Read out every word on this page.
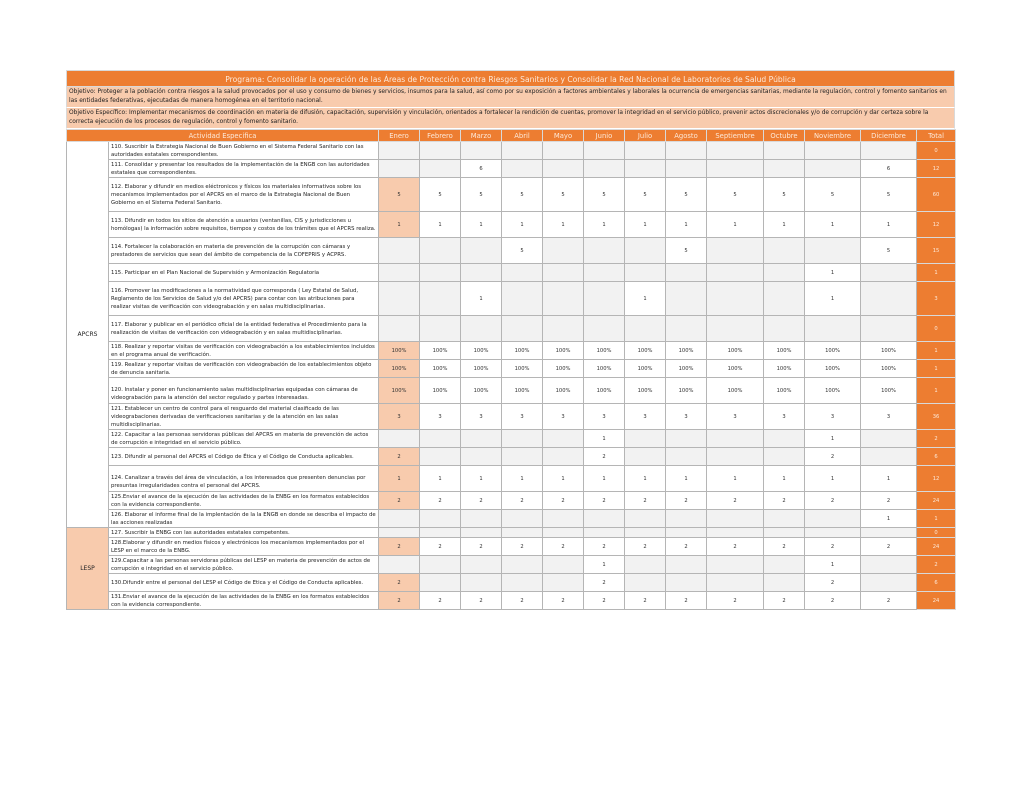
Programa: Consolidar la operación de las Áreas de Protección contra Riesgos Sanitarios y Consolidar la Red Nacional de Laboratorios de Salud Pública
Objetivo: Proteger a la población contra riesgos a la salud provocados por el uso y consumo de bienes y servicios, insumos para la salud, así como por su exposición a factores ambientales y laborales la ocurrencia de emergencias sanitarias, mediante la regulación, control y fomento sanitarios en las entidades federativas, ejecutadas de manera homogénea en el territorio nacional.
Objetivo Específico: Implementar mecanismos de coordinación en materia de difusión, capacitación, supervisión y vinculación, orientados a fortalecer la rendición de cuentas, promover la integridad en el servicio público, prevenir actos discrecionales y/o de corrupción y dar certeza sobre la correcta ejecución de los procesos de regulación, control y fomento sanitario.
Actividad Especifica		Enero	Febrero	Marzo	Abril	Mayo	Junio	Julio	Agosto	Septiembre	Octubre	Noviembre	Diciembre	Total
APCRS	110. Suscribir la Estrategia Nacional de Buen Gobierno en el Sistema Federal Sanitario con las autoridades estatales correspondientes.													0
	111. Consolidar y presentar los resultados de la implementación de la ENGB con las autoridades estatales que correspondientes.			6									6	12
	112. Elaborar y difundir en medios eléctronicos y físicos los materiales informativos sobre los mecanismos implementados por el APCRS en el marco de la Estrategia Nacional de Buen Gobierno en el Sistema Federal Sanitario.	5	5	5	5	5	5	5	5	5	5	5	5	60
	113. Difundir en todos los sitios de atención a usuarios (ventanillas, CIS y jurisdicciones u homólogas) la información sobre requisitos, tiempos y costos de los trámites que el APCRS realiza.	1	1	1	1	1	1	1	1	1	1	1	1	12
	114. Fortalecer la colaboración en materia de prevención de la corrupción con cámaras y prestadores de servicios que sean del ámbito de competencia de la COFEPRIS y ACPRS.				5				5				5	15
	115. Participar en el Plan Nacional de Supervisión y Armonización Regulatoria											1		1
	116. Promover las modificaciones a la normatividad que corresponda ( Ley Estatal de Salud, Reglamento de los Servicios de Salud y/o del APCRS) para contar con las atribuciones para realizar visitas de verificación con videograbación y en salas multidisciplinarias.			1				1				1		3
	117. Elaborar y publicar en el periódico oficial de la entidad federativa el Procedimiento para la realización de visitas de verificación con videograbación y en salas multidisciplinarias.													0
	118. Realizar y reportar visitas de verificación con videograbación a los establecimientos incluidos en el programa anual de verificación.	100%	100%	100%	100%	100%	100%	100%	100%	100%	100%	100%	100%	1
	119. Realizar y reportar visitas de verificación con videograbación de los establecimientos objeto de denuncia sanitaria.	100%	100%	100%	100%	100%	100%	100%	100%	100%	100%	100%	100%	1
	120. Instalar y poner en funcionamiento salas multidisciplinarias equipadas con cámaras de videograbación para la atención del sector regulado y partes interesadas.	100%	100%	100%	100%	100%	100%	100%	100%	100%	100%	100%	100%	1
	121. Establecer un centro de control para el resguardo del material clasificado de las videograbaciones derivadas de verificaciones sanitarias y de la atención en las salas multidisciplinarias.	3	3	3	3	3	3	3	3	3	3	3	3	36
	122. Capacitar a las personas servidoras públicas del APCRS en materia de prevención de actos de corrupción e integridad en el servicio público.						1					1		2
	123. Difundir al personal del APCRS el Código de Ética y el Código de Conducta aplicables.	2					2					2		6
	124. Canalizar a través del área de vinculación, a los interesados que presenten denuncias por presuntas irregularidades contra el personal del APCRS.	1	1	1	1	1	1	1	1	1	1	1	1	12
	125.Enviar el avance de la ejecución de las actividades de la ENBG en los formatos establecidos con la evidencia correspondiente.	2	2	2	2	2	2	2	2	2	2	2	2	24
	126. Elaborar el informe final de la implentación de la la ENGB en donde se describa el impacto de las acciones realizadas												1	1
LESP	127. Suscribir la ENBG con las autoridades estatales competentes.													0
	128.Elaborar y difundir en medios físicos y electrónicos los mecanismos implementados por el LESP en el marco de la ENBG.	2	2	2	2	2	2	2	2	2	2	2	2	24
	129.Capacitar a las personas servidoras públicas del LESP en materia de prevención de actos de corrupción e integridad en el servicio público.						1					1		2
	130.Difundir entre el personal del LESP el Código de Etica y el Código de Conducta aplicables.	2					2					2		6
	131.Enviar el avance de la ejecución de las actividades de la ENBG en los formatos establecidos con la evidencia correspondiente.	2	2	2	2	2	2	2	2	2	2	2	2	24
